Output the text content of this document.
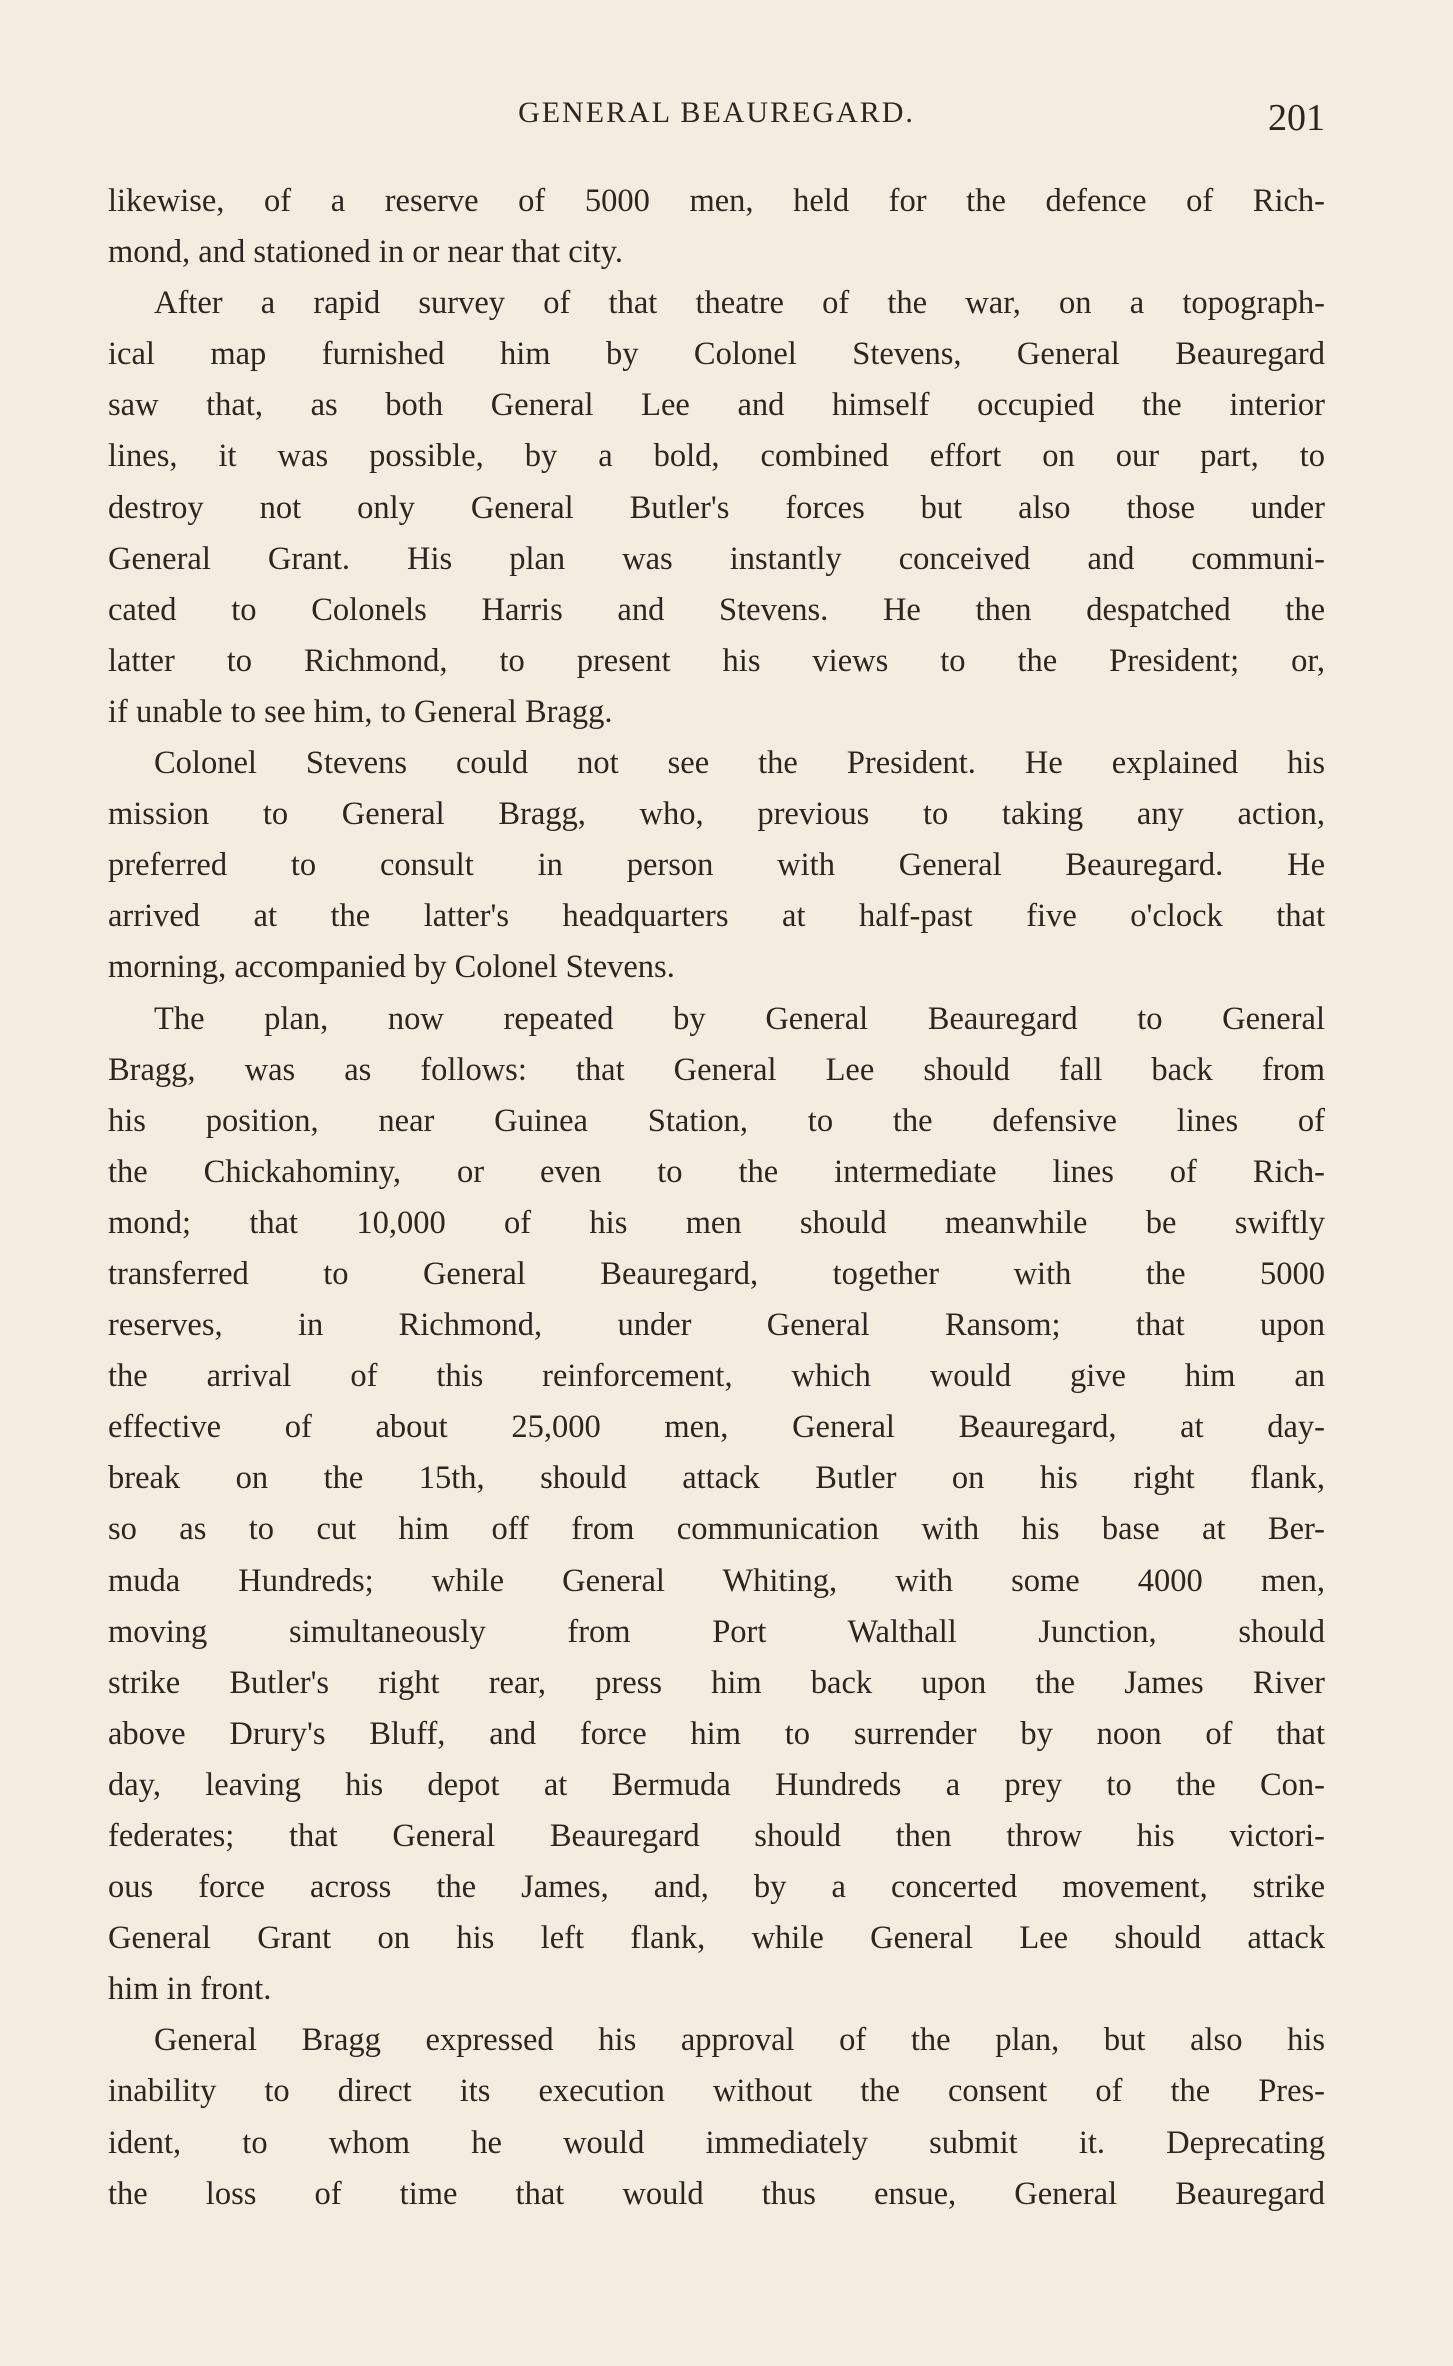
GENERAL BEAUREGARD.	201
likewise, of a reserve of 5000 men, held for the defence of Rich-
mond, and stationed in or near that city.
After a rapid survey of that theatre of the war, on a topograph-
ical map furnished him by Colonel Stevens, General Beauregard
saw that, as both General Lee and himself occupied the interior
lines, it was possible, by a bold, combined effort on our part, to
destroy not only General Butler's forces but also those under
General Grant. His plan was instantly conceived and communi-
cated to Colonels Harris and Stevens. He then despatched the
latter to Richmond, to present his views to the President; or,
if unable to see him, to General Bragg.
Colonel Stevens could not see the President. He explained his
mission to General Bragg, who, previous to taking any action,
preferred to consult in person with General Beauregard. He
arrived at the latter's headquarters at half-past five o'clock that
morning, accompanied by Colonel Stevens.
The plan, now repeated by General Beauregard to General
Bragg, was as follows: that General Lee should fall back from
his position, near Guinea Station, to the defensive lines of
the Chickahominy, or even to the intermediate lines of Rich-
mond; that 10,000 of his men should meanwhile be swiftly
transferred to General Beauregard, together with the 5000
reserves, in Richmond, under General Ransom; that upon
the arrival of this reinforcement, which would give him an
effective of about 25,000 men, General Beauregard, at day-
break on the 15th, should attack Butler on his right flank,
so as to cut him off from communication with his base at Ber-
muda Hundreds; while General Whiting, with some 4000 men,
moving simultaneously from Port Walthall Junction, should
strike Butler's right rear, press him back upon the James River
above Drury's Bluff, and force him to surrender by noon of that
day, leaving his depot at Bermuda Hundreds a prey to the Con-
federates; that General Beauregard should then throw his victori-
ous force across the James, and, by a concerted movement, strike
General Grant on his left flank, while General Lee should attack
him in front.
General Bragg expressed his approval of the plan, but also his
inability to direct its execution without the consent of the Pres-
ident, to whom he would immediately submit it. Deprecating
the loss of time that would thus ensue, General Beauregard
